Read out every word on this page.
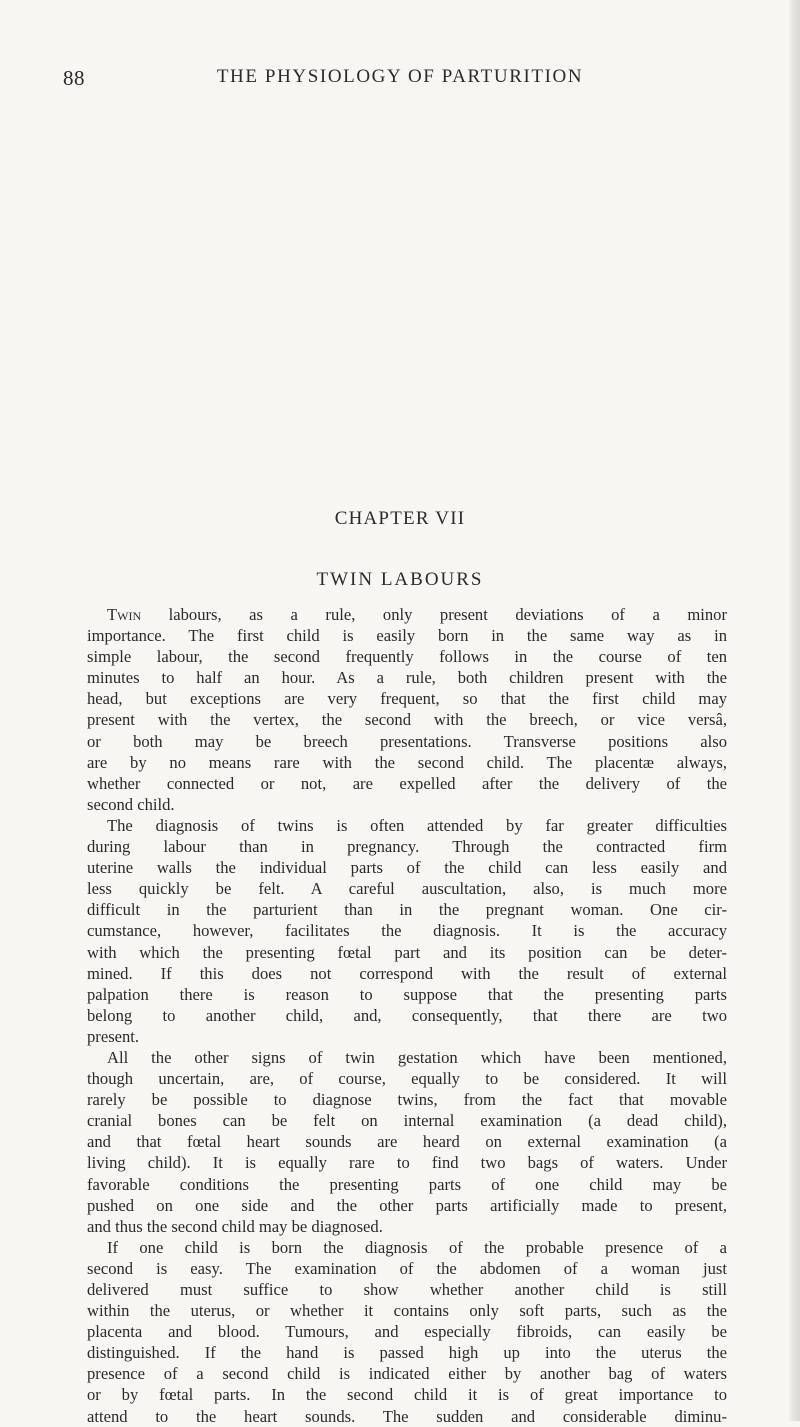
88	THE PHYSIOLOGY OF PARTURITION
CHAPTER VII
TWIN LABOURS
Twin labours, as a rule, only present deviations of a minor
importance. The first child is easily born in the same way as in
simple labour, the second frequently follows in the course of ten
minutes to half an hour. As a rule, both children present with the
head, but exceptions are very frequent, so that the first child may
present with the vertex, the second with the breech, or vice versâ,
or both may be breech presentations. Transverse positions also
are by no means rare with the second child. The placentæ always,
whether connected or not, are expelled after the delivery of the
second child.
The diagnosis of twins is often attended by far greater difficulties
during labour than in pregnancy. Through the contracted firm
uterine walls the individual parts of the child can less easily and
less quickly be felt. A careful auscultation, also, is much more
difficult in the parturient than in the pregnant woman. One cir-
cumstance, however, facilitates the diagnosis. It is the accuracy
with which the presenting fœtal part and its position can be deter-
mined. If this does not correspond with the result of external
palpation there is reason to suppose that the presenting parts
belong to another child, and, consequently, that there are two
present.
All the other signs of twin gestation which have been mentioned,
though uncertain, are, of course, equally to be considered. It will
rarely be possible to diagnose twins, from the fact that movable
cranial bones can be felt on internal examination (a dead child),
and that fœtal heart sounds are heard on external examination (a
living child). It is equally rare to find two bags of waters. Under
favorable conditions the presenting parts of one child may be
pushed on one side and the other parts artificially made to present,
and thus the second child may be diagnosed.
If one child is born the diagnosis of the probable presence of a
second is easy. The examination of the abdomen of a woman just
delivered must suffice to show whether another child is still
within the uterus, or whether it contains only soft parts, such as the
placenta and blood. Tumours, and especially fibroids, can easily be
distinguished. If the hand is passed high up into the uterus the
presence of a second child is indicated either by another bag of waters
or by fœtal parts. In the second child it is of great importance to
attend to the heart sounds. The sudden and considerable diminu-
